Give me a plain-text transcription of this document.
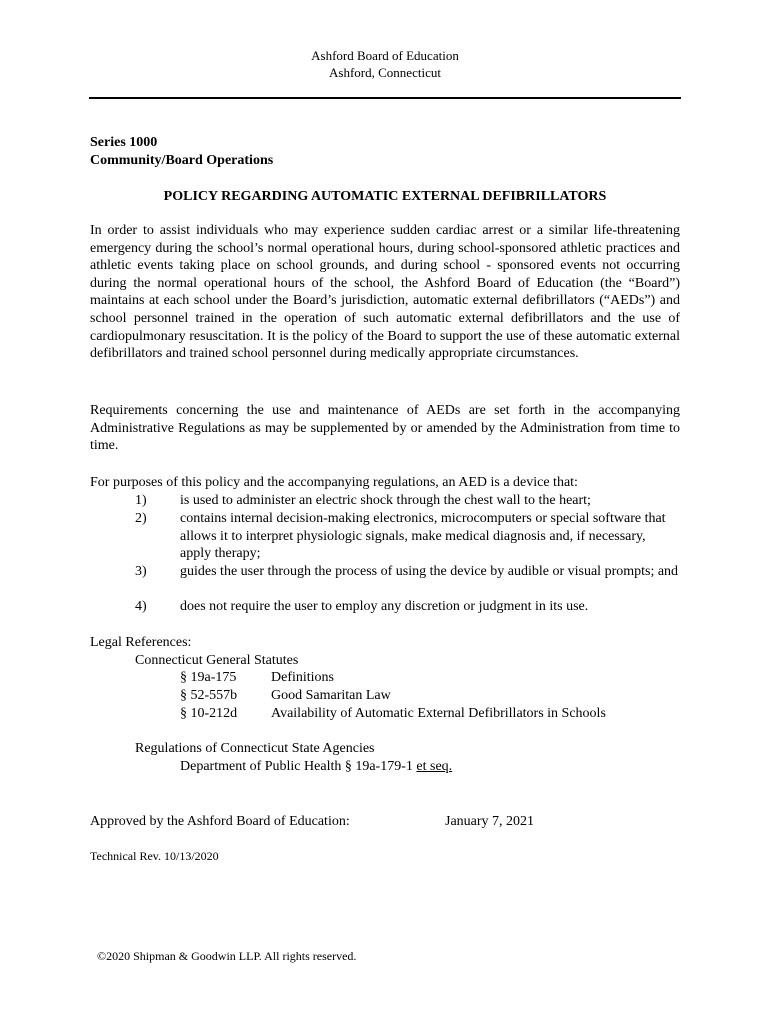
Ashford Board of Education
Ashford, Connecticut
Series 1000
Community/Board Operations
POLICY REGARDING AUTOMATIC EXTERNAL DEFIBRILLATORS
In order to assist individuals who may experience sudden cardiac arrest or a similar life-threatening emergency during the school’s normal operational hours, during school-sponsored athletic practices and athletic events taking place on school grounds, and during school - sponsored events not occurring during the normal operational hours of the school, the Ashford Board of Education (the “Board”) maintains at each school under the Board’s jurisdiction, automatic external defibrillators (“AEDs”) and school personnel trained in the operation of such automatic external defibrillators and the use of cardiopulmonary resuscitation. It is the policy of the Board to support the use of these automatic external defibrillators and trained school personnel during medically appropriate circumstances.
Requirements concerning the use and maintenance of AEDs are set forth in the accompanying Administrative Regulations as may be supplemented by or amended by the Administration from time to time.
For purposes of this policy and the accompanying regulations, an AED is a device that:
1) is used to administer an electric shock through the chest wall to the heart;
2) contains internal decision-making electronics, microcomputers or special software that allows it to interpret physiologic signals, make medical diagnosis and, if necessary, apply therapy;
3) guides the user through the process of using the device by audible or visual prompts; and
4) does not require the user to employ any discretion or judgment in its use.
Legal References:
Connecticut General Statutes
§ 19a-175 Definitions
§ 52-557b Good Samaritan Law
§ 10-212d Availability of Automatic External Defibrillators in Schools
Regulations of Connecticut State Agencies
Department of Public Health § 19a-179-1 et seq.
Approved by the Ashford Board of Education:	January 7, 2021
Technical Rev. 10/13/2020
©2020 Shipman & Goodwin LLP. All rights reserved.
